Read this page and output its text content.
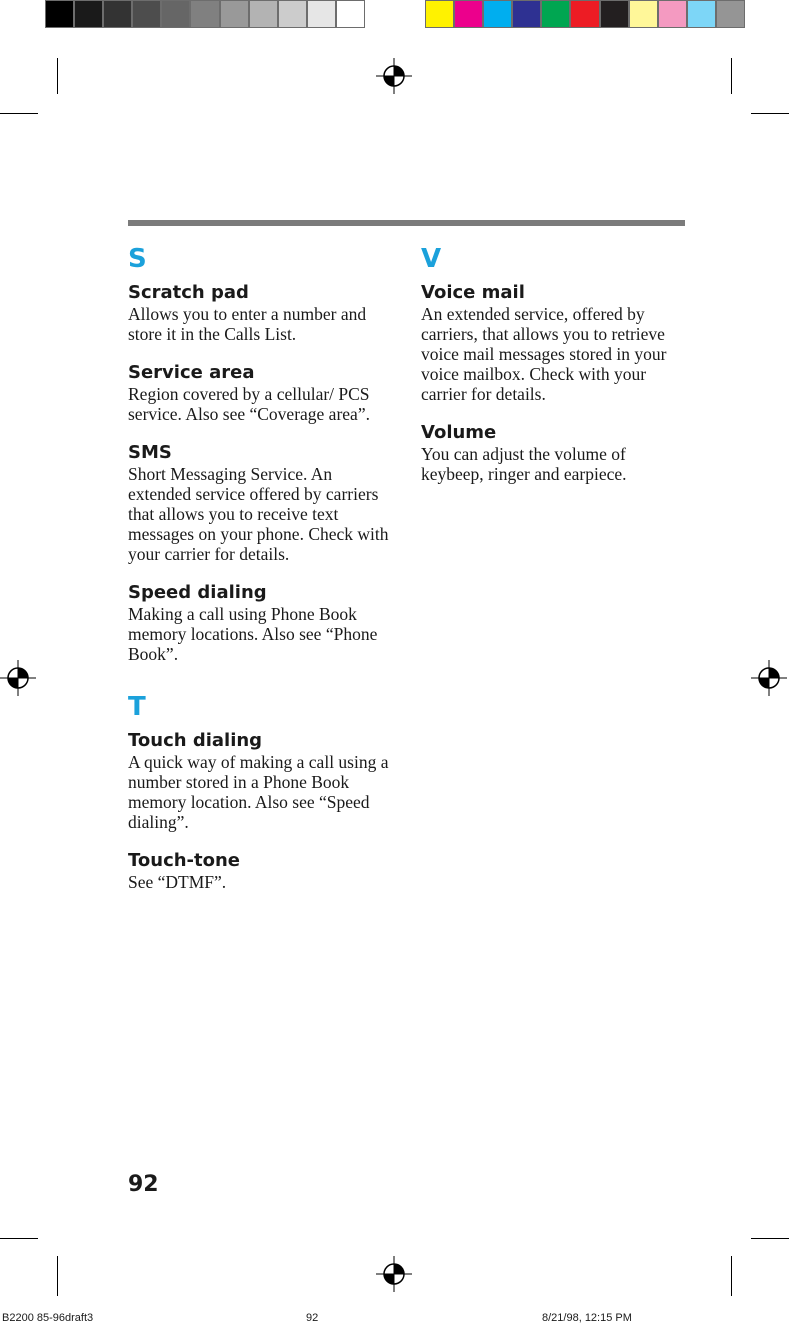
S

Scratch pad

Allows you to enter a number and store it in the Calls List.

Service area

Region covered by a cellular/ PCS service. Also see “Coverage area”.

SMS

Short Messaging Service. An extended service offered by carriers that allows you to receive text messages on your phone. Check with your carrier for details.

Speed dialing

Making a call using Phone Book memory locations. Also see “Phone Book”.

T

Touch dialing

A quick way of making a call using a number stored in a Phone Book memory location. Also see “Speed dialing”.

Touch-tone

See “DTMF”.

V

Voice mail

An extended service, offered by carriers, that allows you to retrieve voice mail messages stored in your voice mailbox. Check with your carrier for details.

Volume

You can adjust the volume of keybeep, ringer and earpiece.

92
B2200 85-96draft3	92	8/21/98, 12:15 PM
